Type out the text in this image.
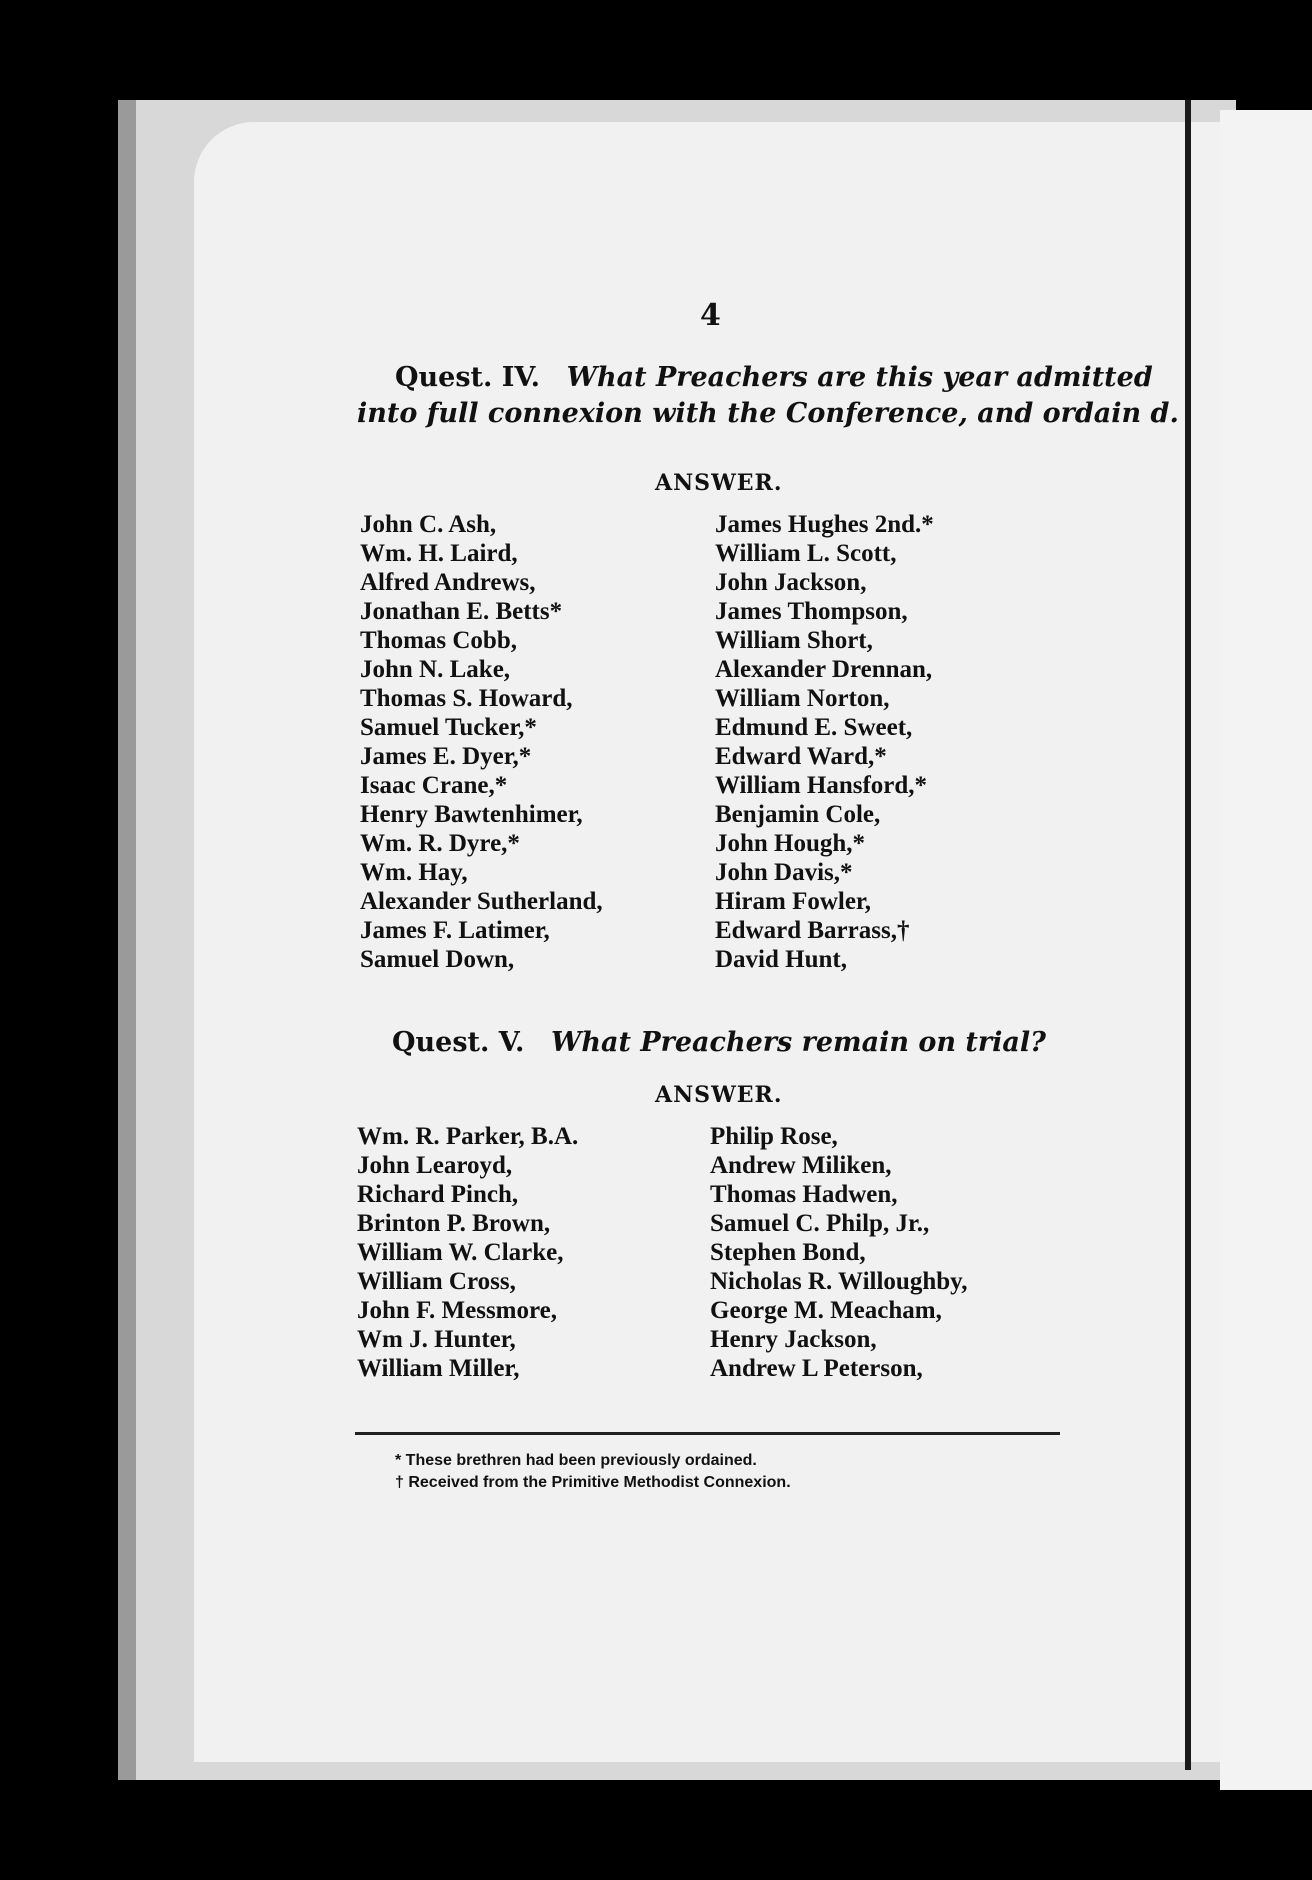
4
Quest. IV. What Preachers are this year admitted
into full connexion with the Conference, and ordain d.
ANSWER.
John C. Ash,
Wm. H. Laird,
Alfred Andrews,
Jonathan E. Betts*
Thomas Cobb,
John N. Lake,
Thomas S. Howard,
Samuel Tucker,*
James E. Dyer,*
Isaac Crane,*
Henry Bawtenhimer,
Wm. R. Dyre,*
Wm. Hay,
Alexander Sutherland,
James F. Latimer,
Samuel Down,
James Hughes 2nd.*
William L. Scott,
John Jackson,
James Thompson,
William Short,
Alexander Drennan,
William Norton,
Edmund E. Sweet,
Edward Ward,*
William Hansford,*
Benjamin Cole,
John Hough,*
John Davis,*
Hiram Fowler,
Edward Barrass,†
David Hunt,
Quest. V. What Preachers remain on trial?
ANSWER.
Wm. R. Parker, B.A.
John Learoyd,
Richard Pinch,
Brinton P. Brown,
William W. Clarke,
William Cross,
John F. Messmore,
Wm J. Hunter,
William Miller,
Philip Rose,
Andrew Miliken,
Thomas Hadwen,
Samuel C. Philp, Jr.,
Stephen Bond,
Nicholas R. Willoughby,
George M. Meacham,
Henry Jackson,
Andrew L Peterson,
* These brethren had been previously ordained.
† Received from the Primitive Methodist Connexion.
